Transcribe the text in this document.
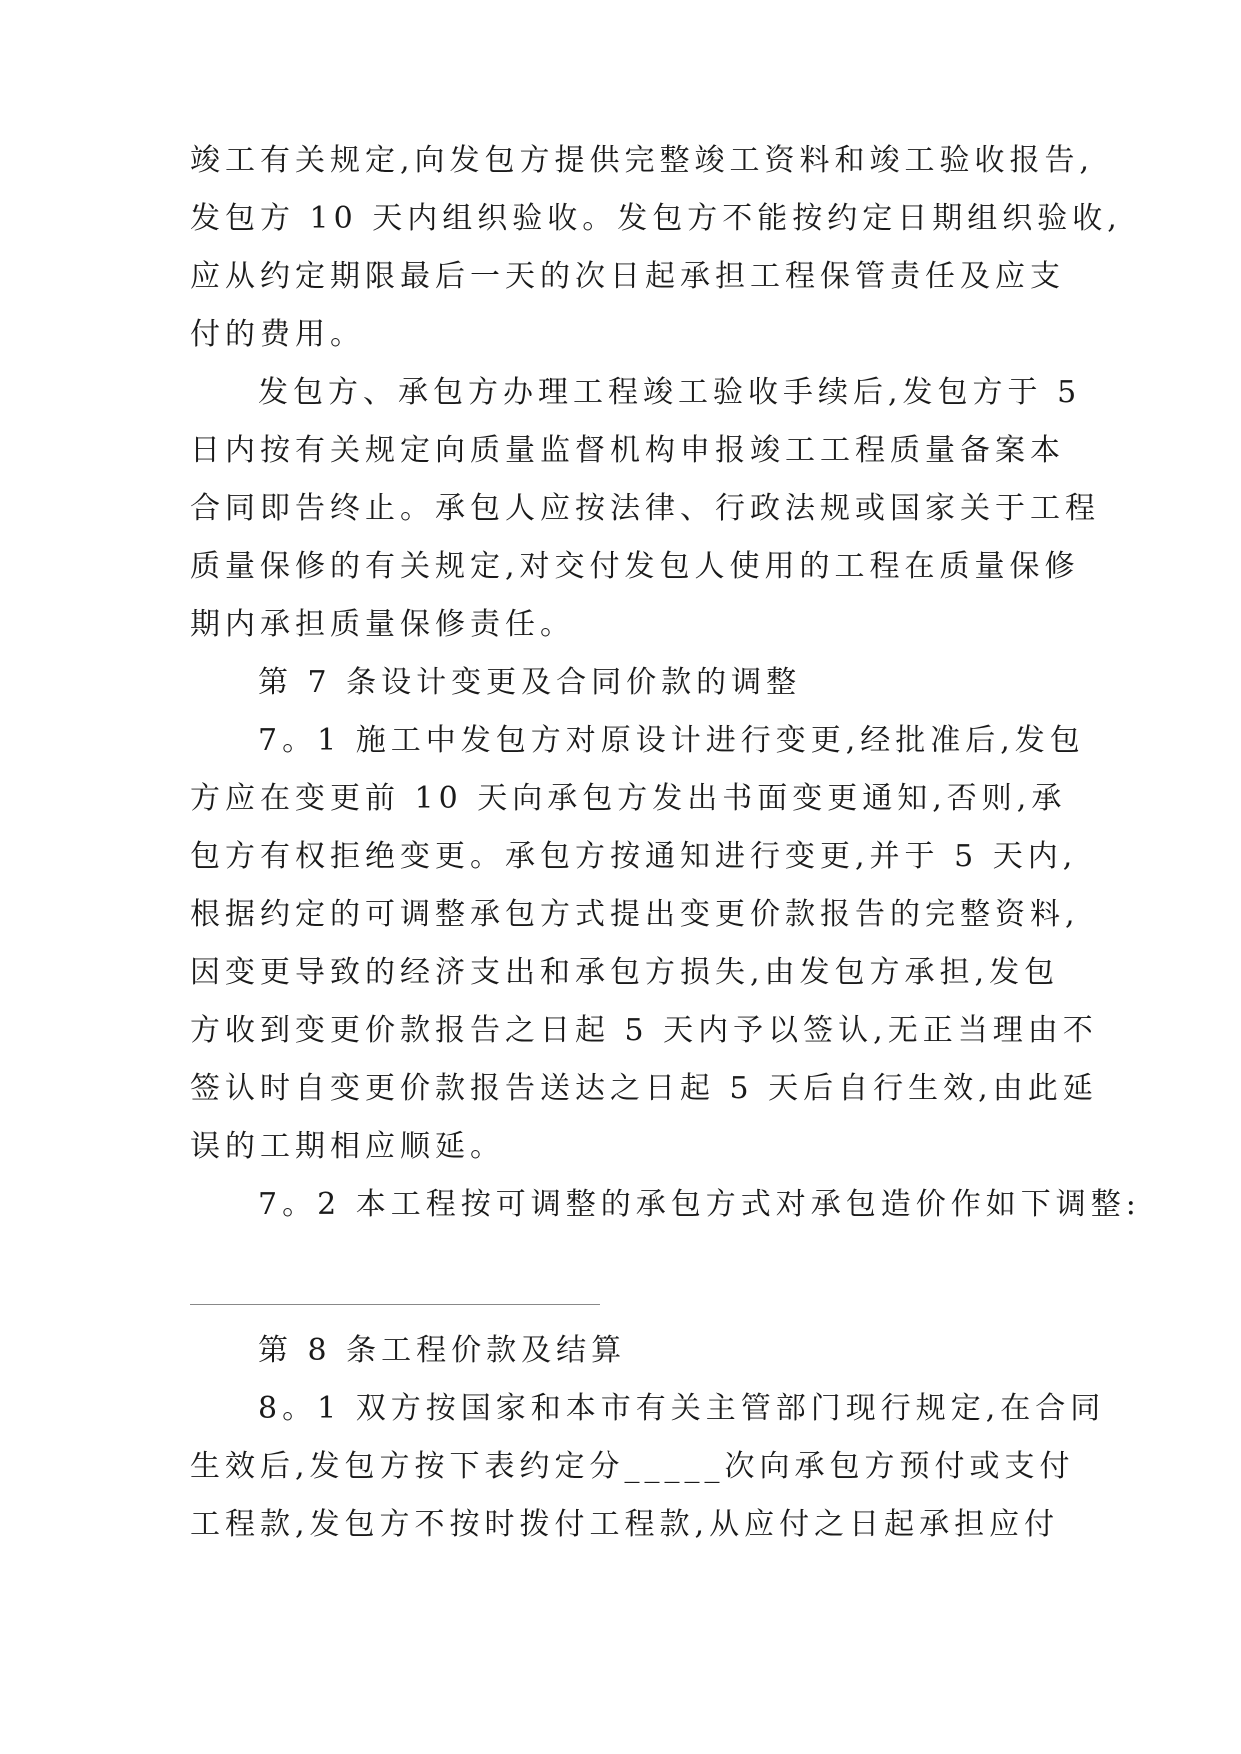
竣工有关规定,向发包方提供完整竣工资料和竣工验收报告,
发包方 10 天内组织验收。发包方不能按约定日期组织验收,
应从约定期限最后一天的次日起承担工程保管责任及应支
付的费用。
发包方、承包方办理工程竣工验收手续后,发包方于 5
日内按有关规定向质量监督机构申报竣工工程质量备案本
合同即告终止。承包人应按法律、行政法规或国家关于工程
质量保修的有关规定,对交付发包人使用的工程在质量保修
期内承担质量保修责任。
第 7 条设计变更及合同价款的调整
7。1 施工中发包方对原设计进行变更,经批准后,发包
方应在变更前 10 天向承包方发出书面变更通知,否则,承
包方有权拒绝变更。承包方按通知进行变更,并于 5 天内,
根据约定的可调整承包方式提出变更价款报告的完整资料,
因变更导致的经济支出和承包方损失,由发包方承担,发包
方收到变更价款报告之日起 5 天内予以签认,无正当理由不
签认时自变更价款报告送达之日起 5 天后自行生效,由此延
误的工期相应顺延。
7。2 本工程按可调整的承包方式对承包造价作如下调整:
第 8 条工程价款及结算
8。1 双方按国家和本市有关主管部门现行规定,在合同
生效后,发包方按下表约定分_____次向承包方预付或支付
工程款,发包方不按时拨付工程款,从应付之日起承担应付
